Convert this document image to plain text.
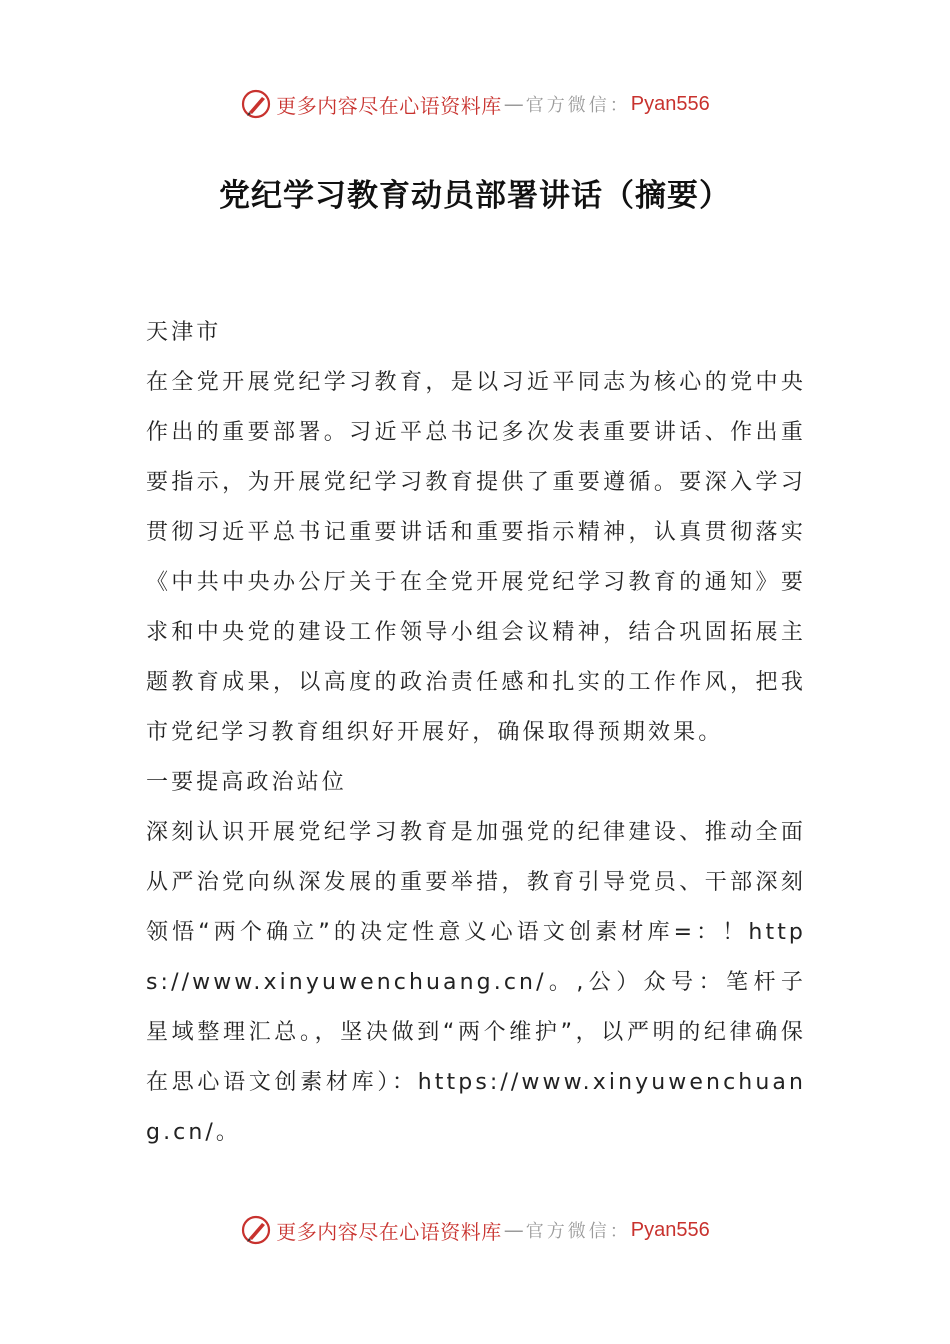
更多内容尽在心语资料库 — 官方微信： Pyan556
党纪学习教育动员部署讲话（摘要）

天津市

在全党开展党纪学习教育，是以习近平同志为核心的党中央作出的重要部署。习近平总书记多次发表重要讲话、作出重要指示，为开展党纪学习教育提供了重要遵循。要深入学习贯彻习近平总书记重要讲话和重要指示精神，认真贯彻落实《中共中央办公厅关于在全党开展党纪学习教育的通知》要求和中央党的建设工作领导小组会议精神，结合巩固拓展主题教育成果，以高度的政治责任感和扎实的工作作风，把我市党纪学习教育组织好开展好，确保取得预期效果。

一要提高政治站位

深刻认识开展党纪学习教育是加强党的纪律建设、推动全面从严治党向纵深发展的重要举措，教育引导党员、干部深刻领悟“两个确立”的决定性意义心语文创素材库=：！https://www.xinyuwenchuang.cn/。,公）众号：笔杆子星域整理汇总。，坚决做到“两个维护”，以严明的纪律确保在思心语文创素材库）：https://www.xinyuwenchuang.cn/。

更多内容尽在心语资料库 — 官方微信： Pyan556
